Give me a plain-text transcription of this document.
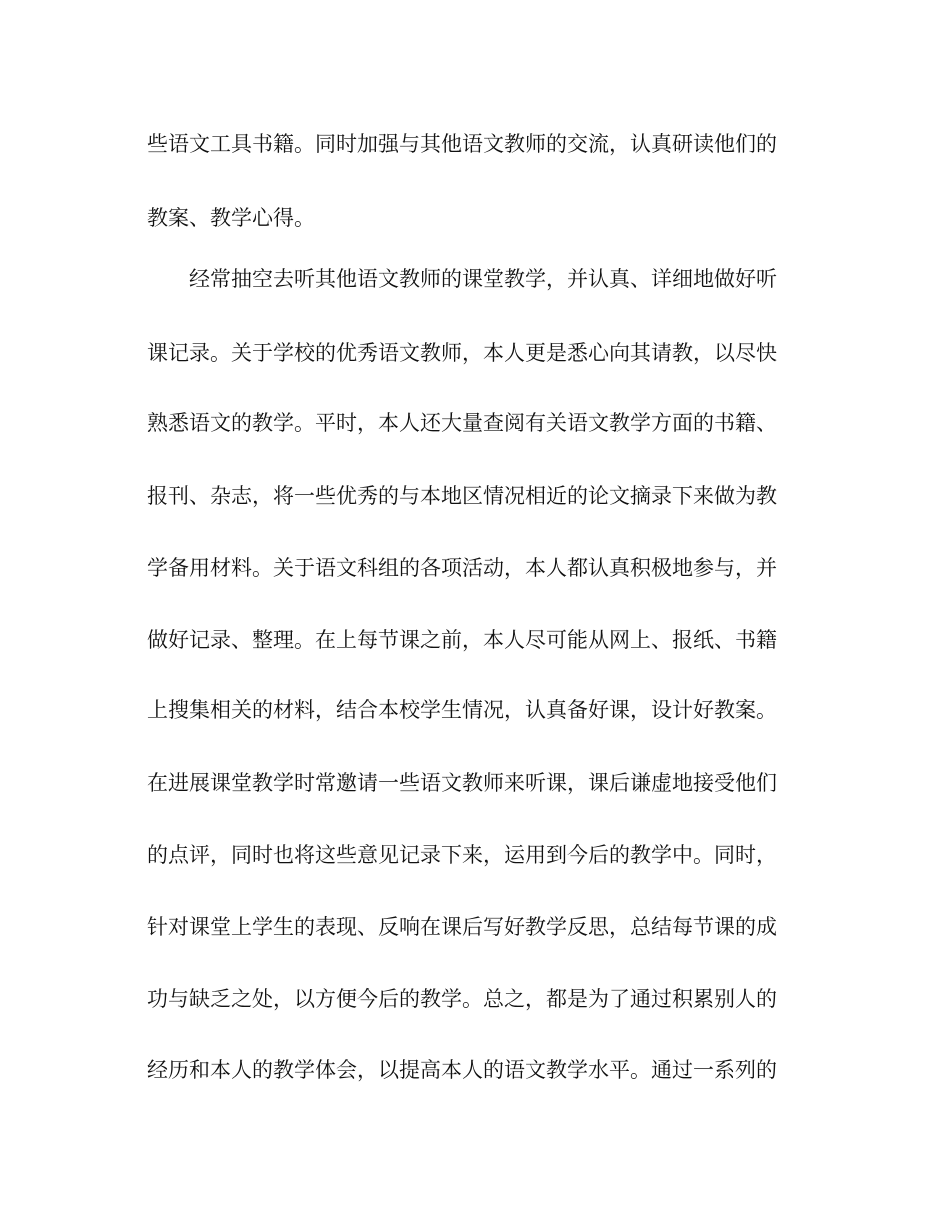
些语文工具书籍。同时加强与其他语文教师的交流，认真研读他们的

教案、教学心得。

经常抽空去听其他语文教师的课堂教学，并认真、详细地做好听

课记录。关于学校的优秀语文教师，本人更是悉心向其请教，以尽快

熟悉语文的教学。平时，本人还大量查阅有关语文教学方面的书籍、

报刊、杂志，将一些优秀的与本地区情况相近的论文摘录下来做为教

学备用材料。关于语文科组的各项活动，本人都认真积极地参与，并

做好记录、整理。在上每节课之前，本人尽可能从网上、报纸、书籍

上搜集相关的材料，结合本校学生情况，认真备好课，设计好教案。

在进展课堂教学时常邀请一些语文教师来听课，课后谦虚地接受他们

的点评，同时也将这些意见记录下来，运用到今后的教学中。同时，

针对课堂上学生的表现、反响在课后写好教学反思，总结每节课的成

功与缺乏之处，以方便今后的教学。总之，都是为了通过积累别人的

经历和本人的教学体会，以提高本人的语文教学水平。通过一系列的
